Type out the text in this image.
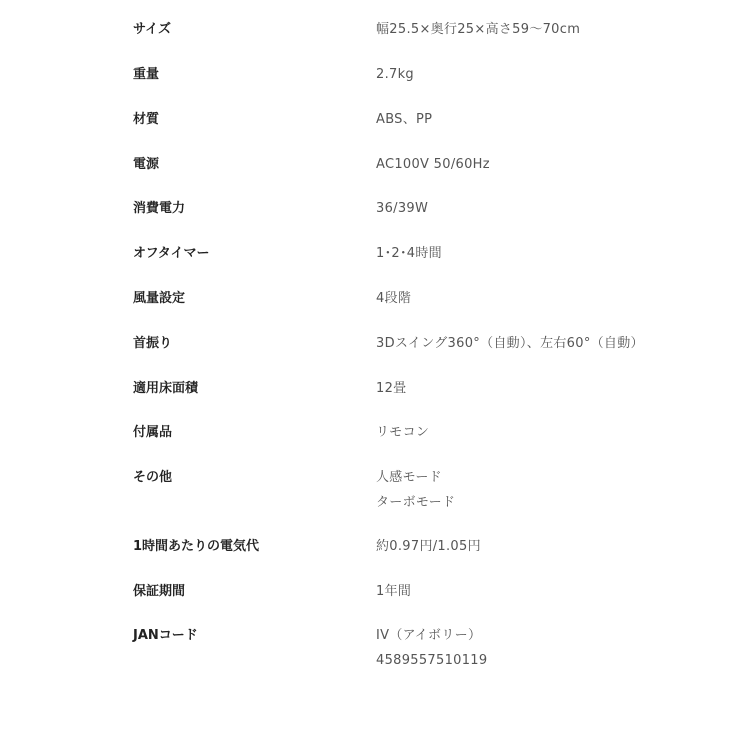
サイズ	幅25.5×奥行25×高さ59〜70cm
重量	2.7kg
材質	ABS、PP
電源	AC100V 50/60Hz
消費電力	36/39W
オフタイマー	1･2･4時間
風量設定	4段階
首振り	3Dスイング360°（自動）、左右60°（自動）
適用床面積	12畳
付属品	リモコン
その他	人感モード
ターボモード
1時間あたりの電気代	約0.97円/1.05円
保証期間	1年間
JANコード	IV（アイボリー）
4589557510119
